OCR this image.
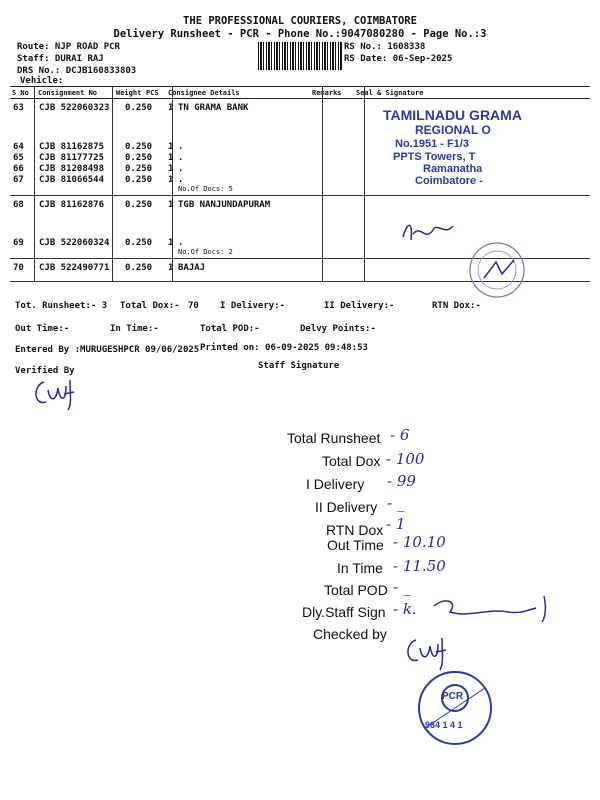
THE PROFESSIONAL COURIERS, COIMBATORE
Delivery Runsheet - PCR - Phone No.:9047080280 - Page No.:3
Route: NJP ROAD PCR
Staff: DURAI RAJ
DRS No.: DCJB160833803
Vehicle:
RS No.: 1608338
RS Date: 06-Sep-2025
S No	Consignment No	Weight	PCS	Consignee Details	Remarks	Seal & Signature
63 CJB 522060323 0.250 1 TN GRAMA BANK
64 CJB 81162875 0.250 1 .
65 CJB 81177725 0.250 1 .
66 CJB 81208498 0.250 1 .
67 CJB 81066544 0.250 1 .
No.Of Docs: 5
68 CJB 81162876 0.250 1 TGB NANJUNDAPURAM
69 CJB 522060324 0.250 1 .
No.Of Docs: 2
70 CJB 522490771 0.250 1 BAJAJ
TAMILNADU GRAMA
REGIONAL O
No.1951 - F1/3
PPTS Towers, T
Ramanatha
Coimbatore -
Tot. Runsheet:- 3 Total Dox:- 70 I Delivery:-	II Delivery:-	RTN Dox:-
Out Time:-	In Time:-	Total POD:-	Delvy Points:-
Entered By :MURUGESHPCR 09/06/2025 Printed on: 06-09-2025 09:48:53
Verified By	Staff Signature
Total Runsheet - 6
Total Dox - 100
I Delivery - 99
II Delivery - _
RTN Dox - 1
Out Time - 10.10
In Time - 11.50
Total POD - _
Dly.Staff Sign - k.
Checked by
PCR
984 1 4 1
